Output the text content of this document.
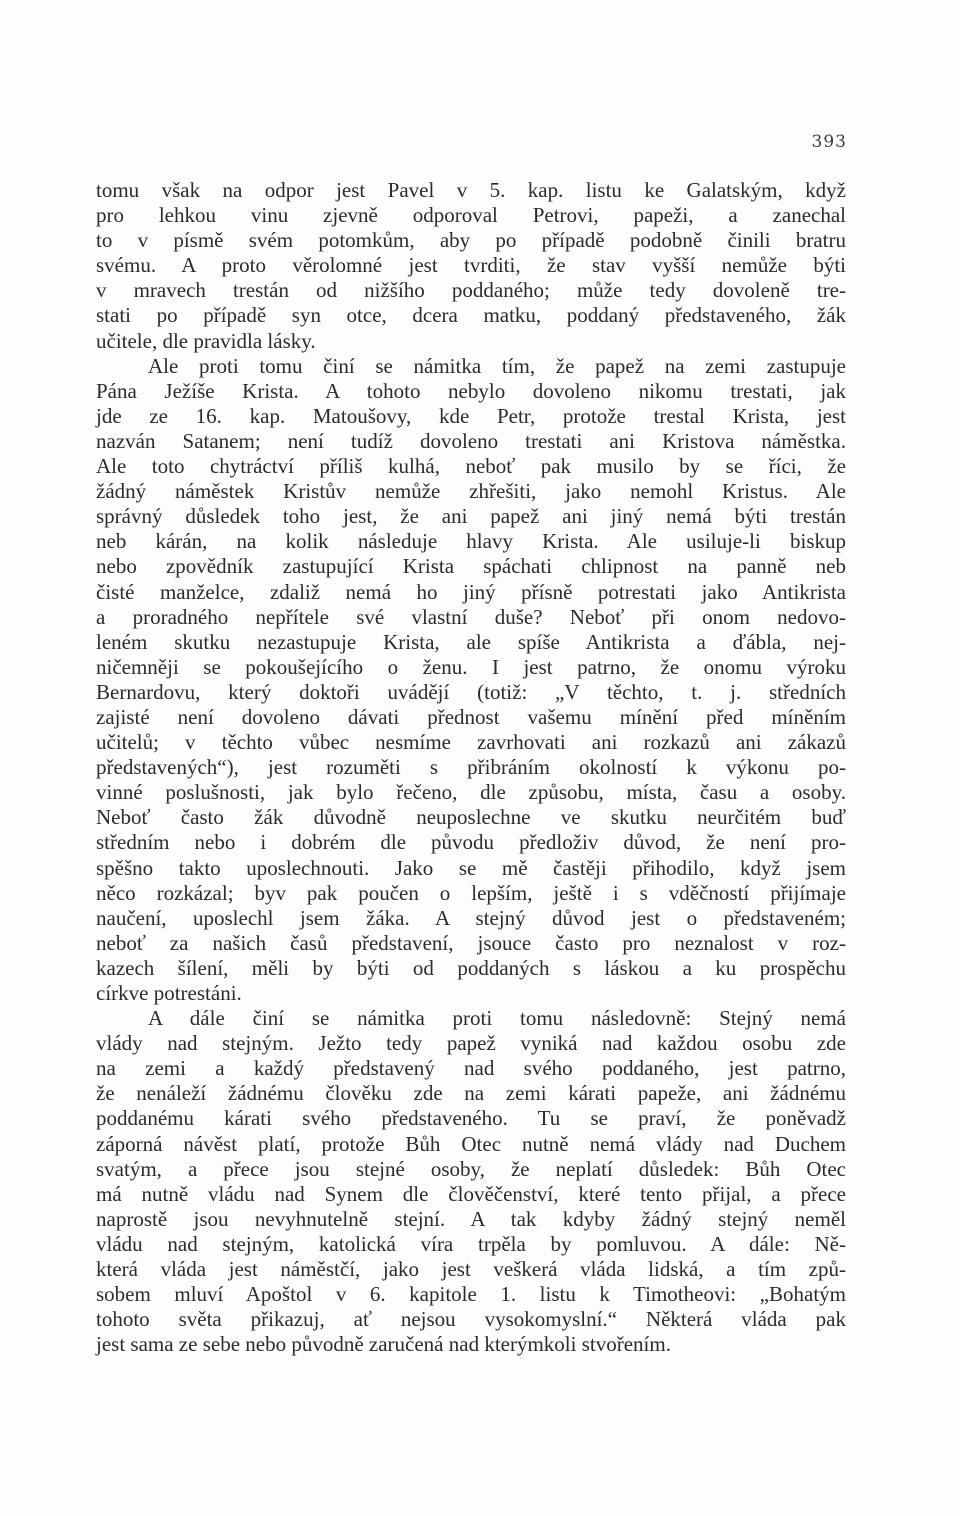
393
tomu však na odpor jest Pavel v 5. kap. listu ke Galatským, když
pro lehkou vinu zjevně odporoval Petrovi, papeži, a zanechal
to v písmě svém potomkům, aby po případě podobně činili bratru
svému. A proto věrolomné jest tvrditi, že stav vyšší nemůže býti
v mravech trestán od nižšího poddaného; může tedy dovoleně tre-
stati po případě syn otce, dcera matku, poddaný představeného, žák
učitele, dle pravidla lásky.
Ale proti tomu činí se námitka tím, že papež na zemi zastupuje
Pána Ježíše Krista. A tohoto nebylo dovoleno nikomu trestati, jak
jde ze 16. kap. Matoušovy, kde Petr, protože trestal Krista, jest
nazván Satanem; není tudíž dovoleno trestati ani Kristova náměstka.
Ale toto chytráctví příliš kulhá, neboť pak musilo by se říci, že
žádný náměstek Kristův nemůže zhřešiti, jako nemohl Kristus. Ale
správný důsledek toho jest, že ani papež ani jiný nemá býti trestán
neb kárán, na kolik následuje hlavy Krista. Ale usiluje-li biskup
nebo zpovědník zastupující Krista spáchati chlipnost na panně neb
čisté manželce, zdaliž nemá ho jiný přísně potrestati jako Antikrista
a proradného nepřítele své vlastní duše? Neboť při onom nedovo-
leném skutku nezastupuje Krista, ale spíše Antikrista a ďábla, nej-
ničemněji se pokoušejícího o ženu. I jest patrno, že onomu výroku
Bernardovu, který doktoři uvádějí (totiž: „V těchto, t. j. středních
zajisté není dovoleno dávati přednost vašemu mínění před míněním
učitelů; v těchto vůbec nesmíme zavrhovati ani rozkazů ani zákazů
představených“), jest rozuměti s přibráním okolností k výkonu po-
vinné poslušnosti, jak bylo řečeno, dle způsobu, místa, času a osoby.
Neboť často žák důvodně neuposlechne ve skutku neurčitém buď
středním nebo i dobrém dle původu předloživ důvod, že není pro-
spěšno takto uposlechnouti. Jako se mě častěji přihodilo, když jsem
něco rozkázal; byv pak poučen o lepším, ještě i s vděčností přijímaje
naučení, uposlechl jsem žáka. A stejný důvod jest o představeném;
neboť za našich časů představení, jsouce často pro neznalost v roz-
kazech šílení, měli by býti od poddaných s láskou a ku prospěchu
církve potrestáni.
A dále činí se námitka proti tomu následovně: Stejný nemá
vlády nad stejným. Ježto tedy papež vyniká nad každou osobu zde
na zemi a každý představený nad svého poddaného, jest patrno,
že nenáleží žádnému člověku zde na zemi kárati papeže, ani žádnému
poddanému kárati svého představeného. Tu se praví, že poněvadž
záporná návěst platí, protože Bůh Otec nutně nemá vlády nad Duchem
svatým, a přece jsou stejné osoby, že neplatí důsledek: Bůh Otec
má nutně vládu nad Synem dle člověčenství, které tento přijal, a přece
naprostě jsou nevyhnutelně stejní. A tak kdyby žádný stejný neměl
vládu nad stejným, katolická víra trpěla by pomluvou. A dále: Ně-
která vláda jest náměstčí, jako jest veškerá vláda lidská, a tím způ-
sobem mluví Apoštol v 6. kapitole 1. listu k Timotheovi: „Bohatým
tohoto světa přikazuj, ať nejsou vysokomyslní.“ Některá vláda pak
jest sama ze sebe nebo původně zaručená nad kterýmkoli stvořením.
